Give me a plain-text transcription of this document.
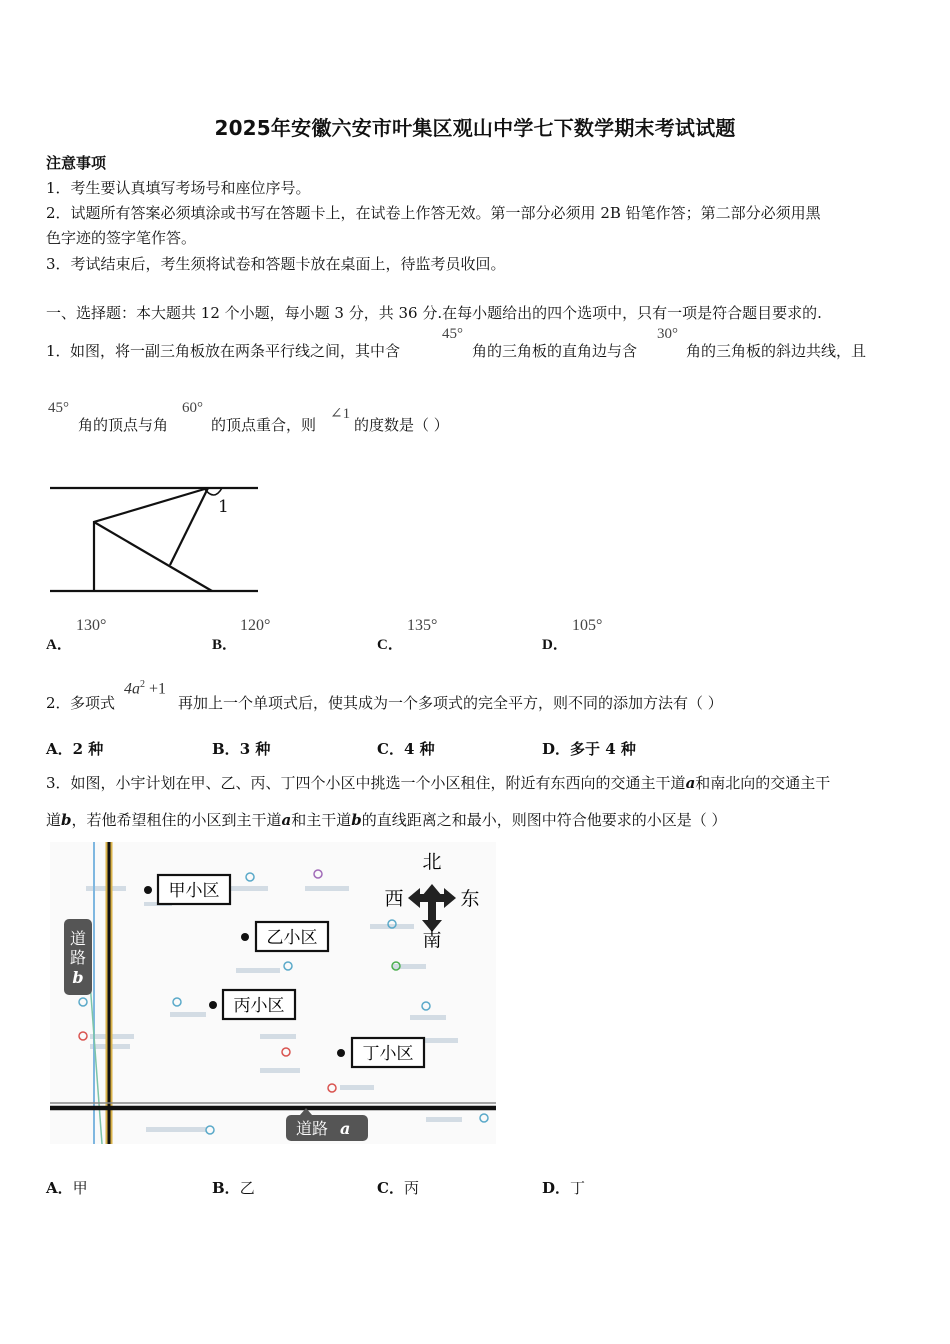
2025年安徽六安市叶集区观山中学七下数学期末考试试题
注意事项
1．考生要认真填写考场号和座位序号。
2．试题所有答案必须填涂或书写在答题卡上，在试卷上作答无效。第一部分必须用 2B 铅笔作答；第二部分必须用黑
色字迹的签字笔作答。
3．考试结束后，考生须将试卷和答题卡放在桌面上，待监考员收回。
一、选择题：本大题共 12 个小题，每小题 3 分，共 36 分.在每小题给出的四个选项中，只有一项是符合题目要求的.
1． 如图，将一副三角板放在两条平行线之间，其中含
45°
角的三角板的直角边与含
30°
角的三角板的斜边共线，且
45°
角的顶点与角
60°
的顶点重合，则
∠1
的度数是（ ）
1
A．
130°
B．
120°
C．
135°
D．
105°
2． 多项式
$4a^2 +1$
再加上一个单项式后，使其成为一个多项式的完全平方，则不同的添加方法有（ ）
A．2 种	B．3 种	C．4 种	D．多于 4 种
3．如图，小宇计划在甲、乙、丙、丁四个小区中挑选一个小区租住，附近有东西向的交通主干道a和南北向的交通主干
道b，若他希望租住的小区到主干道a和主干道b的直线距离之和最小，则图中符合他要求的小区是（ ）
道
路
b
道路 a
甲小区
乙小区
丙小区
丁小区
北
南
西	东
A．甲	B．乙	C．丙	D．丁
